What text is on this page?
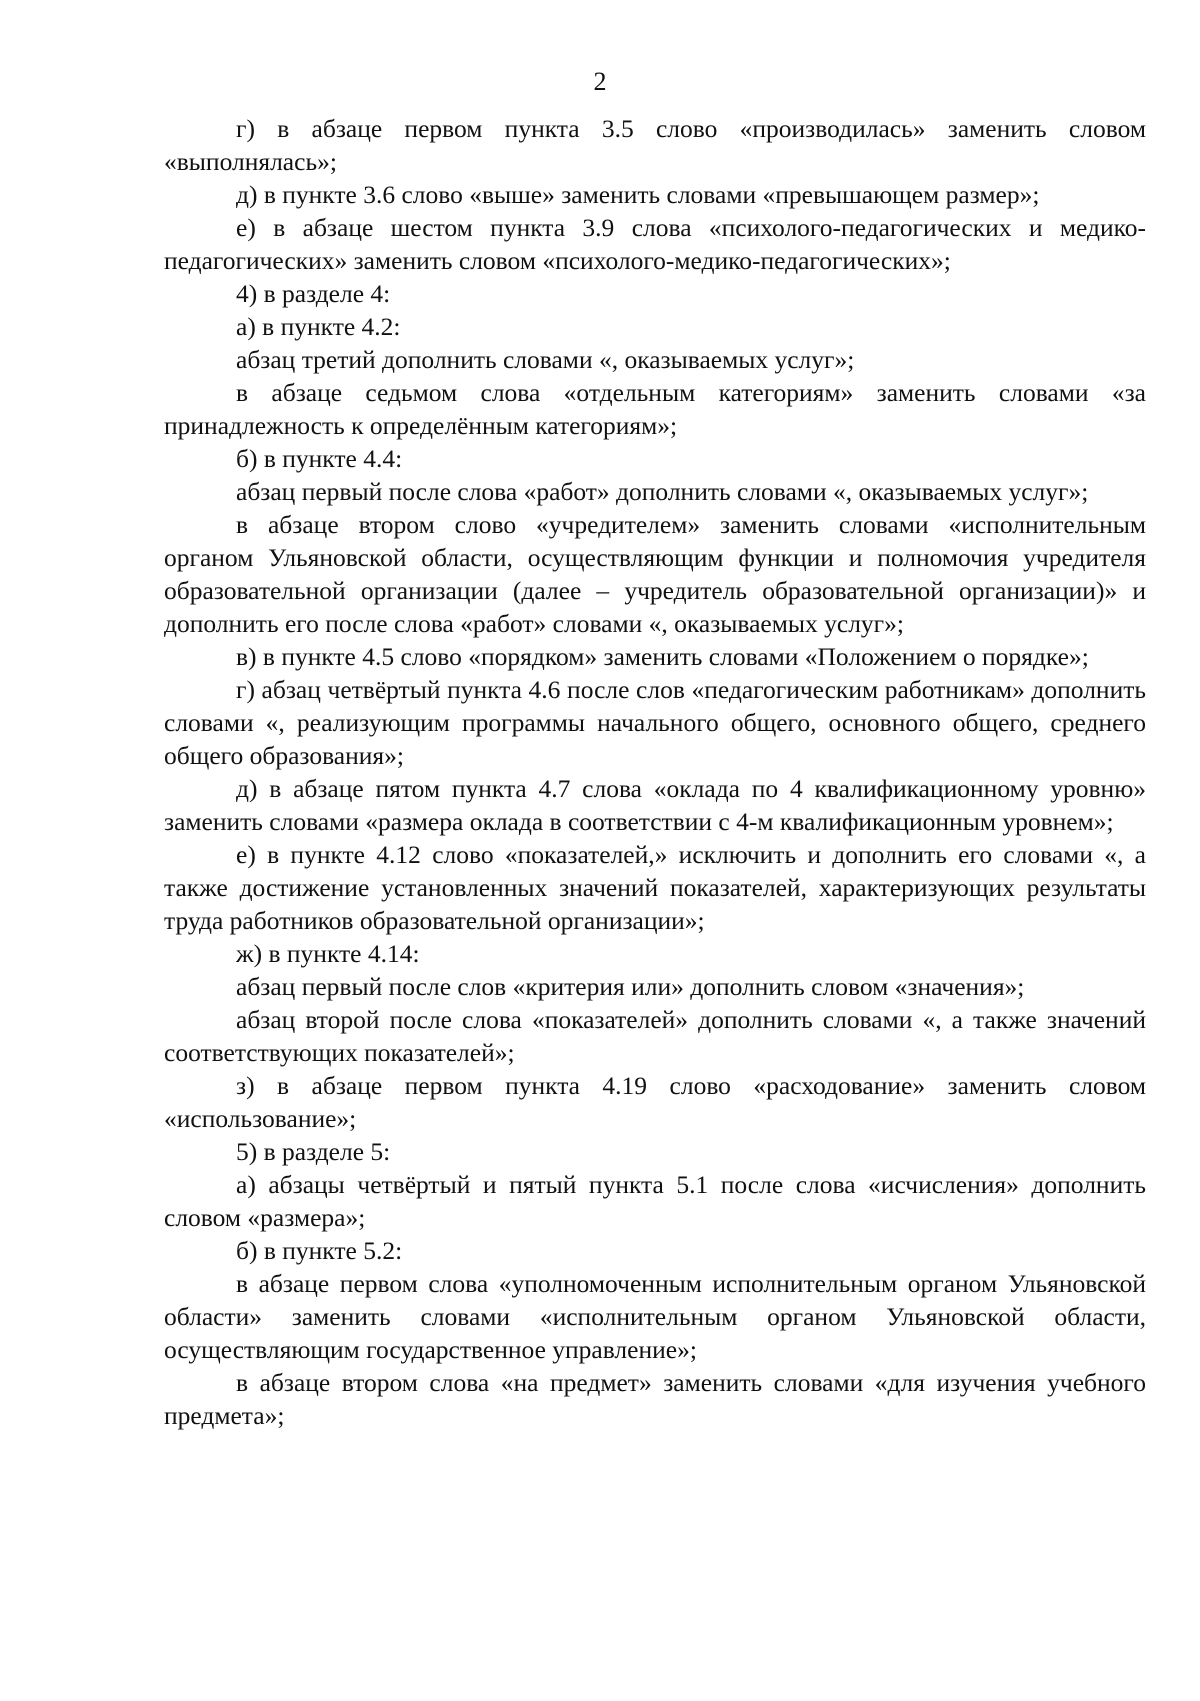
2

г) в абзаце первом пункта 3.5 слово «производилась» заменить словом «выполнялась»;

д) в пункте 3.6 слово «выше» заменить словами «превышающем размер»;

е) в абзаце шестом пункта 3.9 слова «психолого-педагогических и медико-педагогических» заменить словом «психолого-медико-педагогических»;

4) в разделе 4:

а) в пункте 4.2:

абзац третий дополнить словами «, оказываемых услуг»;

в абзаце седьмом слова «отдельным категориям» заменить словами «за принадлежность к определённым категориям»;

б) в пункте 4.4:

абзац первый после слова «работ» дополнить словами «, оказываемых услуг»;

в абзаце втором слово «учредителем» заменить словами «исполнительным органом Ульяновской области, осуществляющим функции и полномочия учредителя образовательной организации (далее – учредитель образовательной организации)» и дополнить его после слова «работ» словами «, оказываемых услуг»;

в) в пункте 4.5 слово «порядком» заменить словами «Положением о порядке»;

г) абзац четвёртый пункта 4.6 после слов «педагогическим работникам» дополнить словами «, реализующим программы начального общего, основного общего, среднего общего образования»;

д) в абзаце пятом пункта 4.7 слова «оклада по 4 квалификационному уровню» заменить словами «размера оклада в соответствии с 4-м квалификационным уровнем»;

е) в пункте 4.12 слово «показателей,» исключить и дополнить его словами «, а также достижение установленных значений показателей, характеризующих результаты труда работников образовательной организации»;

ж) в пункте 4.14:

абзац первый после слов «критерия или» дополнить словом «значения»;

абзац второй после слова «показателей» дополнить словами «, а также значений соответствующих показателей»;

з) в абзаце первом пункта 4.19 слово «расходование» заменить словом «использование»;

5) в разделе 5:

а) абзацы четвёртый и пятый пункта 5.1 после слова «исчисления» дополнить словом «размера»;

б) в пункте 5.2:

в абзаце первом слова «уполномоченным исполнительным органом Ульяновской области» заменить словами «исполнительным органом Ульяновской области, осуществляющим государственное управление»;

в абзаце втором слова «на предмет» заменить словами «для изучения учебного предмета»;
